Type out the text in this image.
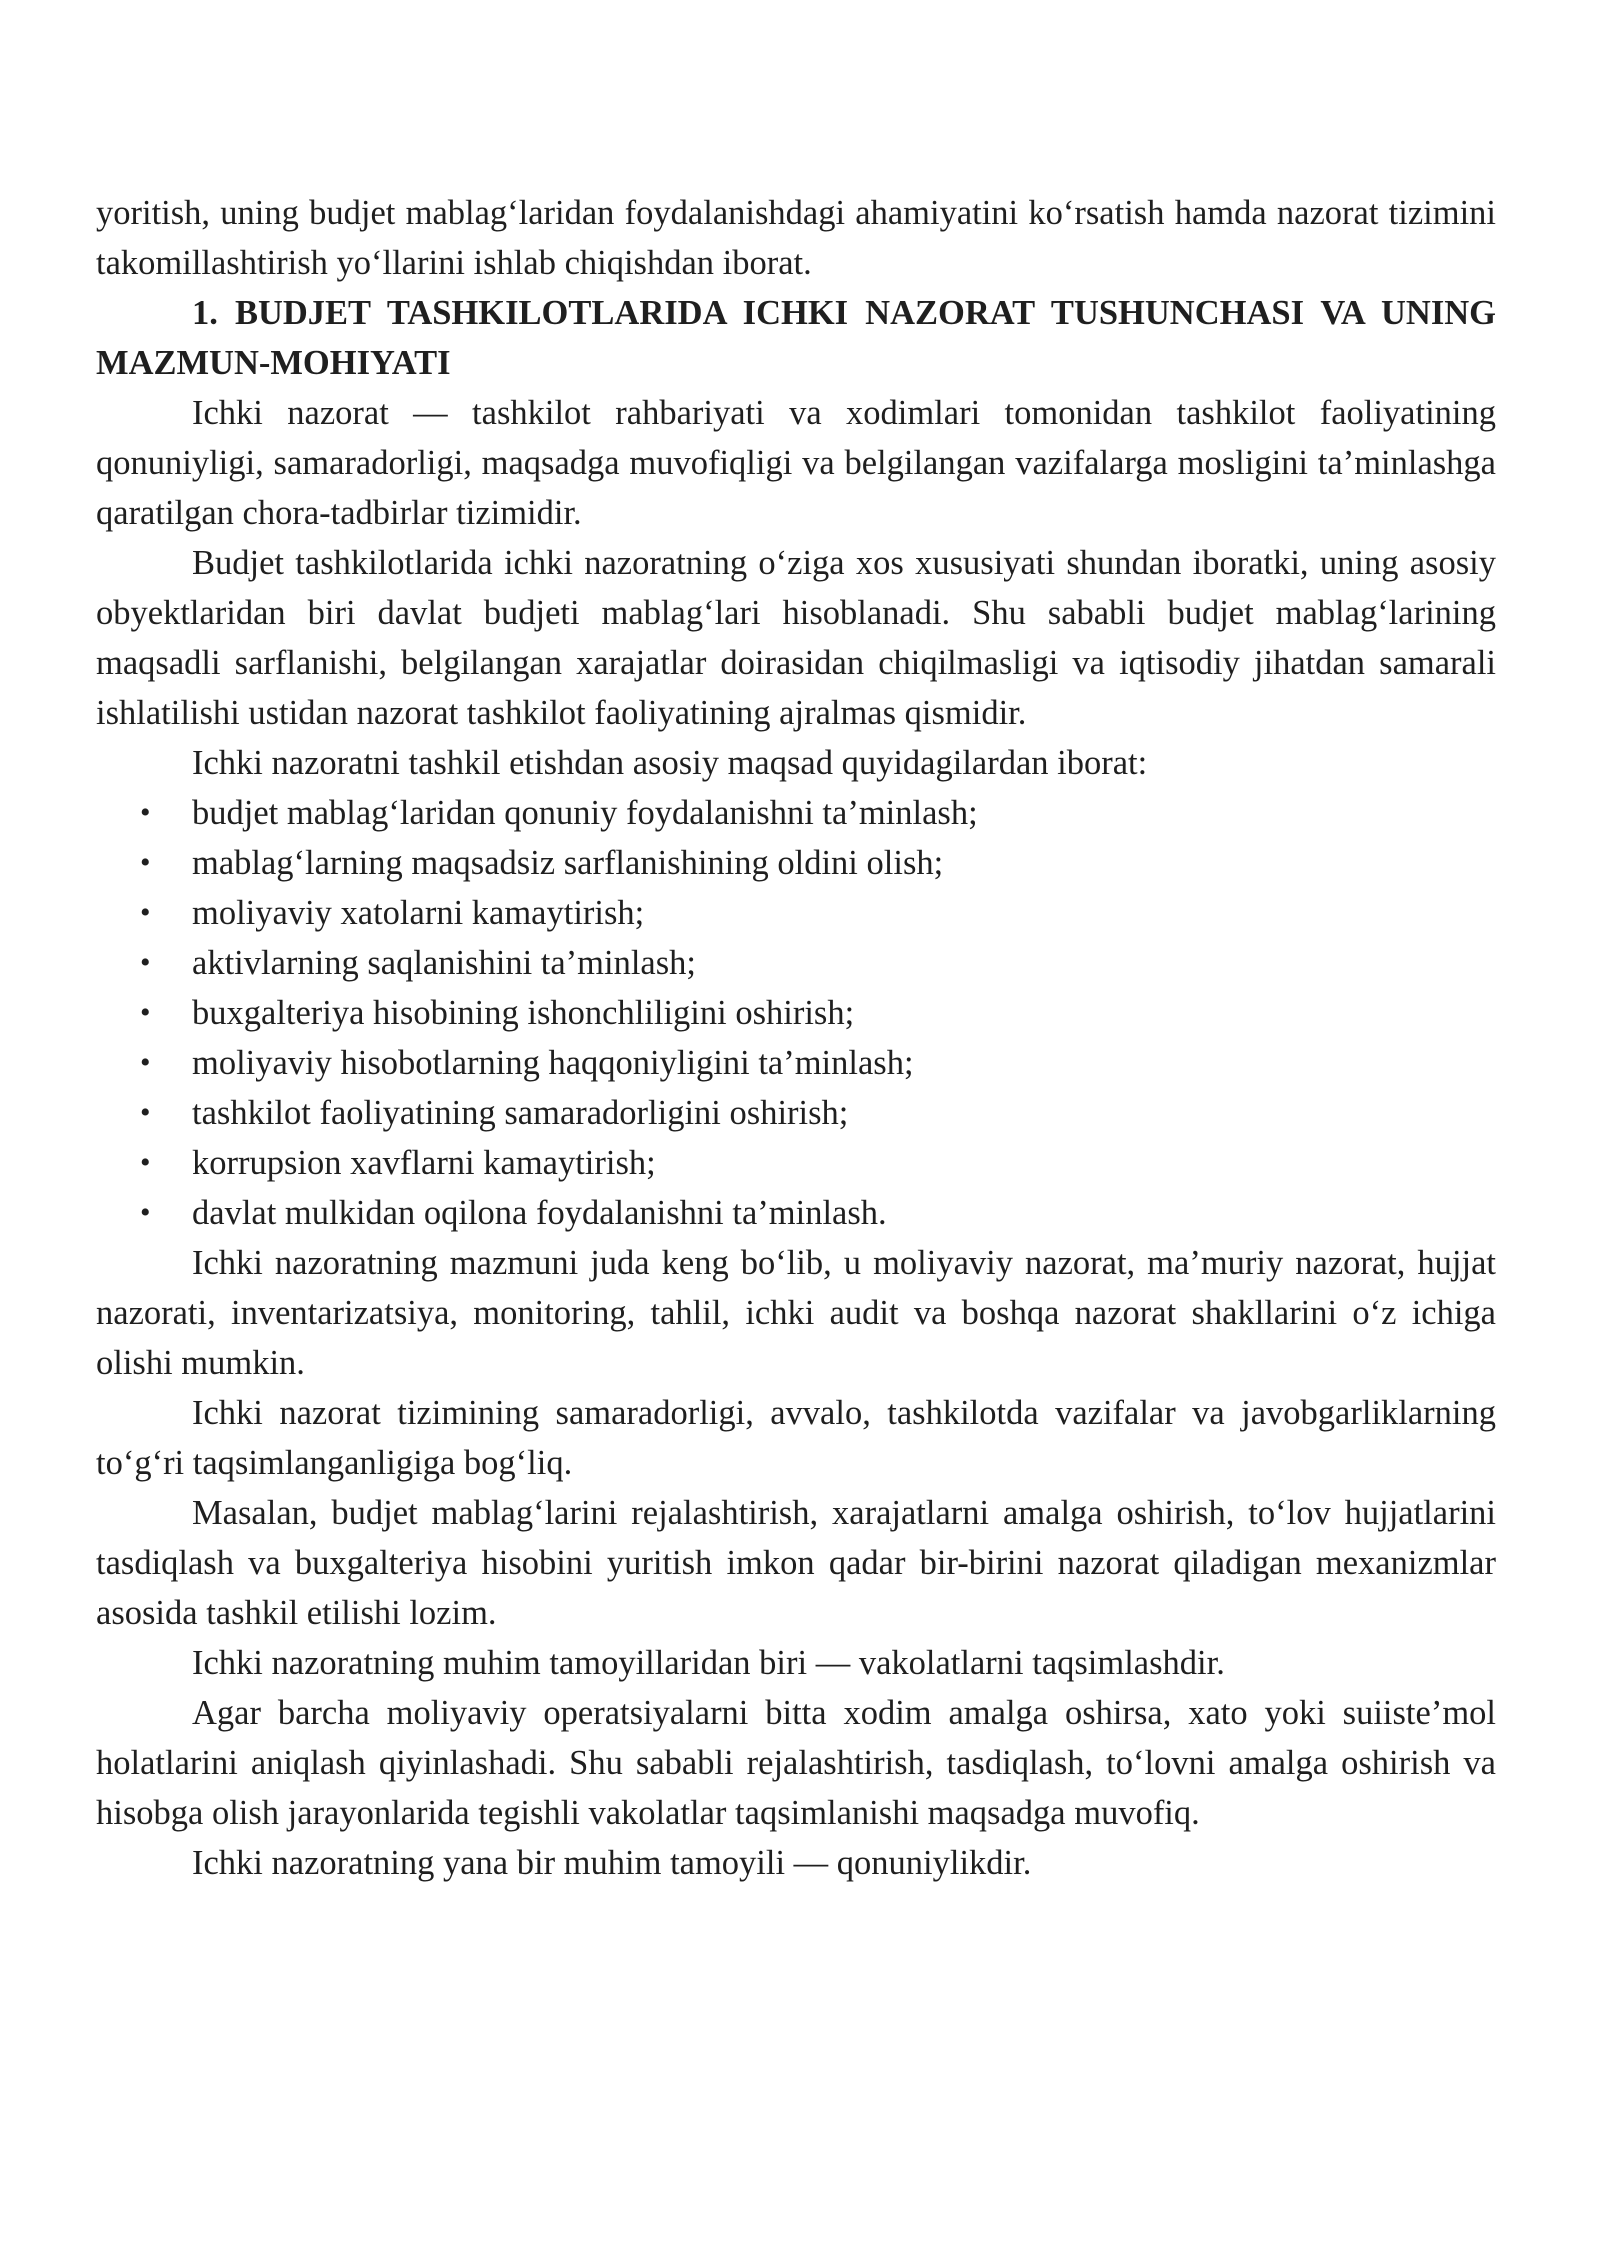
yoritish, uning budjet mablag‘laridan foydalanishdagi ahamiyatini ko‘rsatish hamda nazorat tizimini takomillashtirish yo‘llarini ishlab chiqishdan iborat.

1. BUDJET TASHKILOTLARIDA ICHKI NAZORAT TUSHUNCHASI VA UNING MAZMUN-MOHIYATI

Ichki nazorat — tashkilot rahbariyati va xodimlari tomonidan tashkilot faoliyatining qonuniyligi, samaradorligi, maqsadga muvofiqligi va belgilangan vazifalarga mosligini ta’minlashga qaratilgan chora-tadbirlar tizimidir.

Budjet tashkilotlarida ichki nazoratning o‘ziga xos xususiyati shundan iboratki, uning asosiy obyektlaridan biri davlat budjeti mablag‘lari hisoblanadi. Shu sababli budjet mablag‘larining maqsadli sarflanishi, belgilangan xarajatlar doirasidan chiqilmasligi va iqtisodiy jihatdan samarali ishlatilishi ustidan nazorat tashkilot faoliyatining ajralmas qismidir.

Ichki nazoratni tashkil etishdan asosiy maqsad quyidagilardan iborat:

• budjet mablag‘laridan qonuniy foydalanishni ta’minlash;
• mablag‘larning maqsadsiz sarflanishining oldini olish;
• moliyaviy xatolarni kamaytirish;
• aktivlarning saqlanishini ta’minlash;
• buxgalteriya hisobining ishonchliligini oshirish;
• moliyaviy hisobotlarning haqqoniyligini ta’minlash;
• tashkilot faoliyatining samaradorligini oshirish;
• korrupsion xavflarni kamaytirish;
• davlat mulkidan oqilona foydalanishni ta’minlash.

Ichki nazoratning mazmuni juda keng bo‘lib, u moliyaviy nazorat, ma’muriy nazorat, hujjat nazorati, inventarizatsiya, monitoring, tahlil, ichki audit va boshqa nazorat shakllarini o‘z ichiga olishi mumkin.

Ichki nazorat tizimining samaradorligi, avvalo, tashkilotda vazifalar va javobgarliklarning to‘g‘ri taqsimlanganligiga bog‘liq.

Masalan, budjet mablag‘larini rejalashtirish, xarajatlarni amalga oshirish, to‘lov hujjatlarini tasdiqlash va buxgalteriya hisobini yuritish imkon qadar bir-birini nazorat qiladigan mexanizmlar asosida tashkil etilishi lozim.

Ichki nazoratning muhim tamoyillaridan biri — vakolatlarni taqsimlashdir.

Agar barcha moliyaviy operatsiyalarni bitta xodim amalga oshirsa, xato yoki suiiste’mol holatlarini aniqlash qiyinlashadi. Shu sababli rejalashtirish, tasdiqlash, to‘lovni amalga oshirish va hisobga olish jarayonlarida tegishli vakolatlar taqsimlanishi maqsadga muvofiq.

Ichki nazoratning yana bir muhim tamoyili — qonuniylikdir.
